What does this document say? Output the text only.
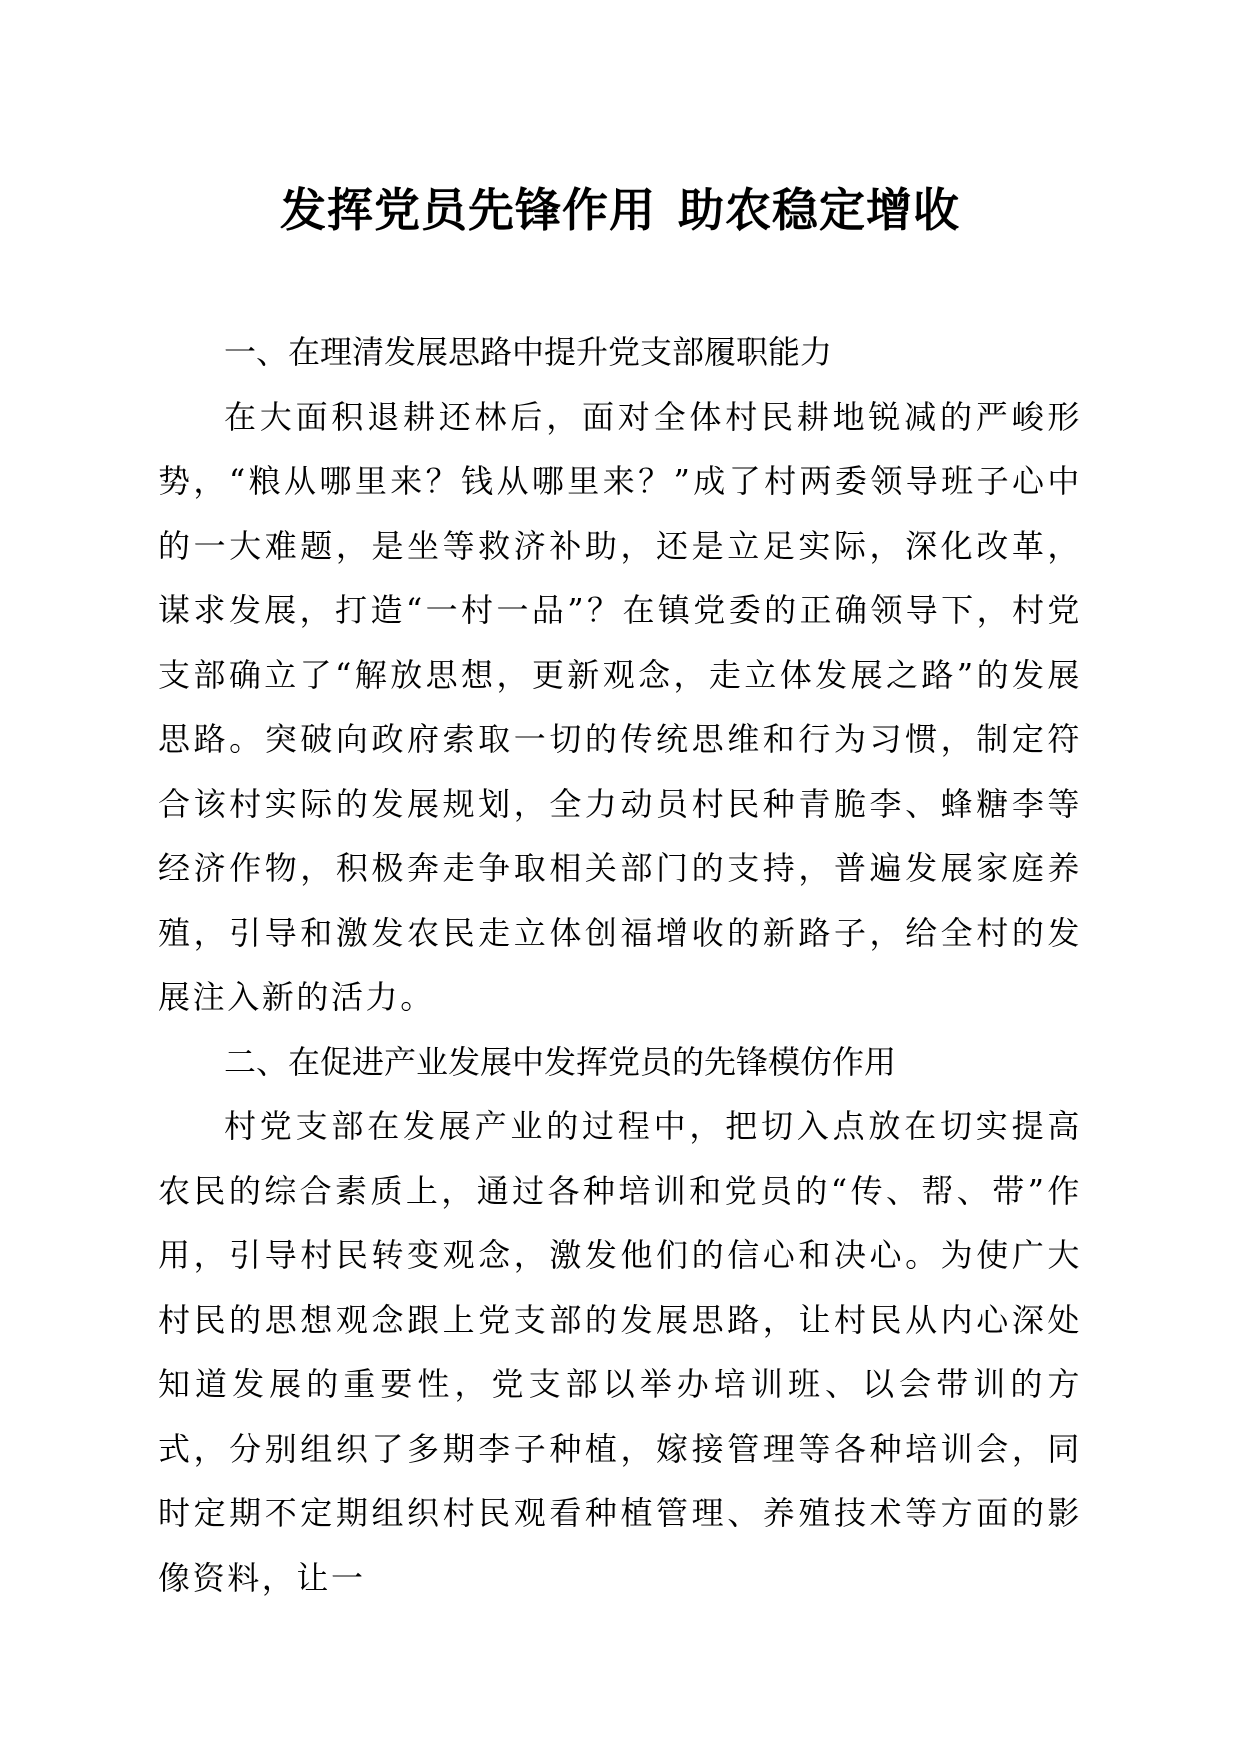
发挥党员先锋作用 助农稳定增收

一、在理清发展思路中提升党支部履职能力

在大面积退耕还林后，面对全体村民耕地锐减的严峻形势，“粮从哪里来？钱从哪里来？”成了村两委领导班子心中的一大难题，是坐等救济补助，还是立足实际，深化改革，谋求发展，打造“一村一品”？在镇党委的正确领导下，村党支部确立了“解放思想，更新观念，走立体发展之路”的发展思路。突破向政府索取一切的传统思维和行为习惯，制定符合该村实际的发展规划，全力动员村民种青脆李、蜂糖李等经济作物，积极奔走争取相关部门的支持，普遍发展家庭养殖，引导和激发农民走立体创福增收的新路子，给全村的发展注入新的活力。

二、在促进产业发展中发挥党员的先锋模仿作用

村党支部在发展产业的过程中，把切入点放在切实提高农民的综合素质上，通过各种培训和党员的“传、帮、带”作用，引导村民转变观念，激发他们的信心和决心。为使广大村民的思想观念跟上党支部的发展思路，让村民从内心深处知道发展的重要性，党支部以举办培训班、以会带训的方式，分别组织了多期李子种植，嫁接管理等各种培训会，同时定期不定期组织村民观看种植管理、养殖技术等方面的影像资料，让一
